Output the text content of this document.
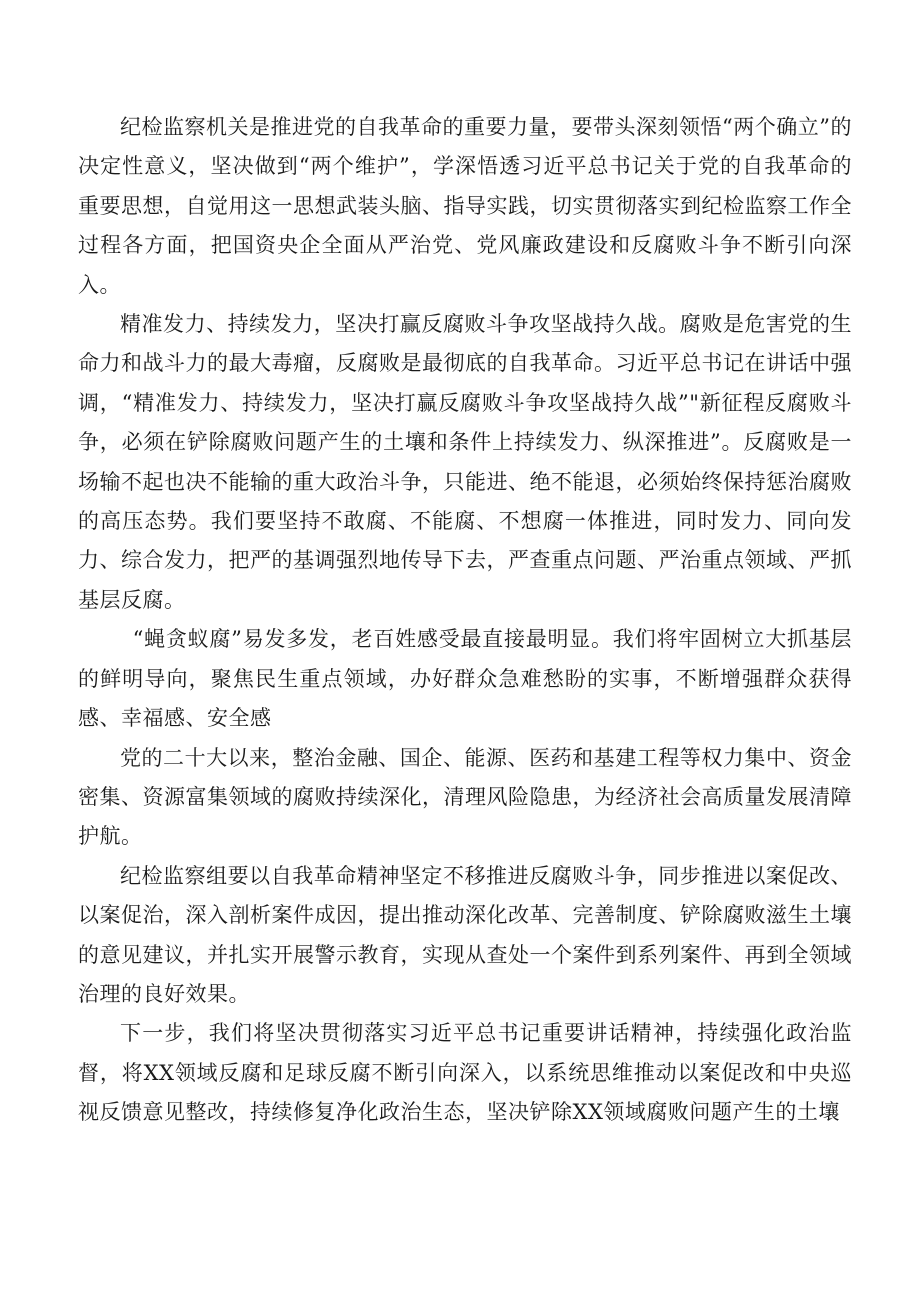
纪检监察机关是推进党的自我革命的重要力量，要带头深刻领悟“两个确立”的决定性意义，坚决做到“两个维护”，学深悟透习近平总书记关于党的自我革命的重要思想，自觉用这一思想武装头脑、指导实践，切实贯彻落实到纪检监察工作全过程各方面，把国资央企全面从严治党、党风廉政建设和反腐败斗争不断引向深入。

精准发力、持续发力，坚决打赢反腐败斗争攻坚战持久战。腐败是危害党的生命力和战斗力的最大毒瘤，反腐败是最彻底的自我革命。习近平总书记在讲话中强调，“精准发力、持续发力，坚决打赢反腐败斗争攻坚战持久战”"新征程反腐败斗争，必须在铲除腐败问题产生的土壤和条件上持续发力、纵深推进”。反腐败是一场输不起也决不能输的重大政治斗争，只能进、绝不能退，必须始终保持惩治腐败的高压态势。我们要坚持不敢腐、不能腐、不想腐一体推进，同时发力、同向发力、综合发力，把严的基调强烈地传导下去，严查重点问题、严治重点领域、严抓基层反腐。

“蝇贪蚁腐”易发多发，老百姓感受最直接最明显。我们将牢固树立大抓基层的鲜明导向，聚焦民生重点领域，办好群众急难愁盼的实事，不断增强群众获得感、幸福感、安全感

党的二十大以来，整治金融、国企、能源、医药和基建工程等权力集中、资金密集、资源富集领域的腐败持续深化，清理风险隐患，为经济社会高质量发展清障护航。

纪检监察组要以自我革命精神坚定不移推进反腐败斗争，同步推进以案促改、以案促治，深入剖析案件成因，提出推动深化改革、完善制度、铲除腐败滋生土壤的意见建议，并扎实开展警示教育，实现从查处一个案件到系列案件、再到全领域治理的良好效果。

下一步，我们将坚决贯彻落实习近平总书记重要讲话精神，持续强化政治监督，将XX领域反腐和足球反腐不断引向深入，以系统思维推动以案促改和中央巡视反馈意见整改，持续修复净化政治生态，坚决铲除XX领域腐败问题产生的土壤
